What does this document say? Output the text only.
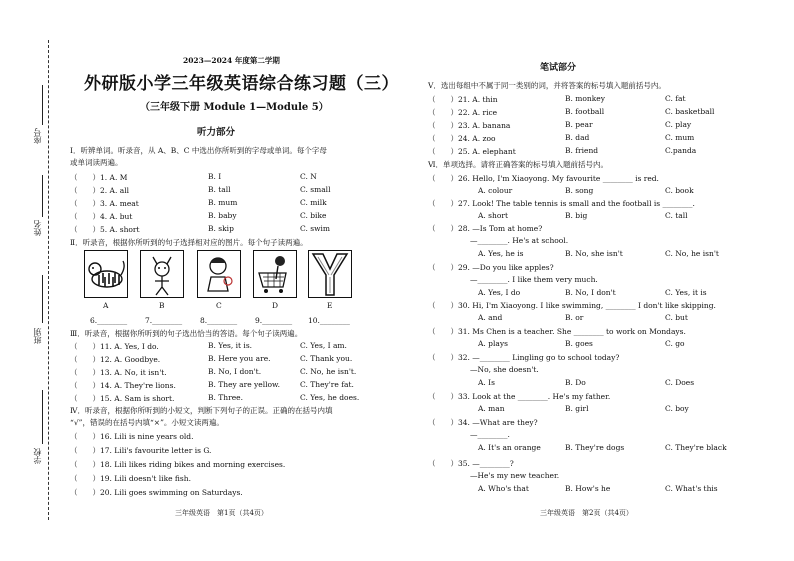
座号
姓名
班别
学校
2023—2024 年度第二学期
外研版小学三年级英语综合练习题（三）
（三年级下册 Module 1—Module 5）
听力部分
Ⅰ．听辨单词。听录音，从 A、B、C 中选出你所听到的字母或单词。每个字母
或单词读两遍。
（　　）1. A. M	B. I	C. N
（　　）2. A. all	B. tall	C. small
（　　）3. A. meat	B. mum	C. milk
（　　）4. A. but	B. baby	C. bike
（　　）5. A. short	B. skip	C. swim
Ⅱ．听录音，根据你所听到的句子选择相对应的图片。每个句子读两遍。
A	B	C	D	E
6.________ 7.________ 8.________ 9.________ 10.________
Ⅲ．听录音，根据你所听到的句子选出恰当的答语。每个句子读两遍。
（　　）11. A. Yes, I do.	B. Yes, it is.	C. Yes, I am.
（　　）12. A. Goodbye.	B. Here you are.	C. Thank you.
（　　）13. A. No, it isn't.	B. No, I don't.	C. No, he isn't.
（　　）14. A. They're lions.	B. They are yellow.	C. They're fat.
（　　）15. A. Sam is short.	B. Three.	C. Yes, he does.
Ⅳ．听录音，根据你所听到的小短文，判断下列句子的正误。正确的在括号内填
“√”，错误的在括号内填“×”。小短文读两遍。
（　　）16. Lili is nine years old.
（　　）17. Lili's favourite letter is G.
（　　）18. Lili likes riding bikes and morning exercises.
（　　）19. Lili doesn't like fish.
（　　）20. Lili goes swimming on Saturdays.
三年级英语　第1页（共4页）
笔试部分
Ⅴ．选出每组中不属于同一类别的词，并将答案的标号填入题前括号内。
（　　）21. A. thin	B. monkey	C. fat
（　　）22. A. rice	B. football	C. basketball
（　　）23. A. banana	B. pear	C. play
（　　）24. A. zoo	B. dad	C. mum
（　　）25. A. elephant	B. friend	C.panda
Ⅵ．单项选择。请将正确答案的标号填入题前括号内。
（　　）26. Hello, I'm Xiaoyong. My favourite ________ is red.
A. colour	B. song	C. book
（　　）27. Look! The table tennis is small and the football is ________.
A. short	B. big	C. tall
（　　）28. —Is Tom at home?
—________. He's at school.
A. Yes, he is	B. No, she isn't	C. No, he isn't
（　　）29. —Do you like apples?
—________. I like them very much.
A. Yes, I do	B. No, I don't	C. Yes, it is
（　　）30. Hi, I'm Xiaoyong. I like swimming, ________ I don't like skipping.
A. and	B. or	C. but
（　　）31. Ms Chen is a teacher. She ________ to work on Mondays.
A. plays	B. goes	C. go
（　　）32. —________ Lingling go to school today?
—No, she doesn't.
A. Is	B. Do	C. Does
（　　）33. Look at the ________. He's my father.
A. man	B. girl	C. boy
（　　）34. —What are they?
—________.
A. It's an orange	B. They're dogs	C. They're black
（　　）35. —________?
—He's my new teacher.
A. Who's that	B. How's he	C. What's this
三年级英语　第2页（共4页）
